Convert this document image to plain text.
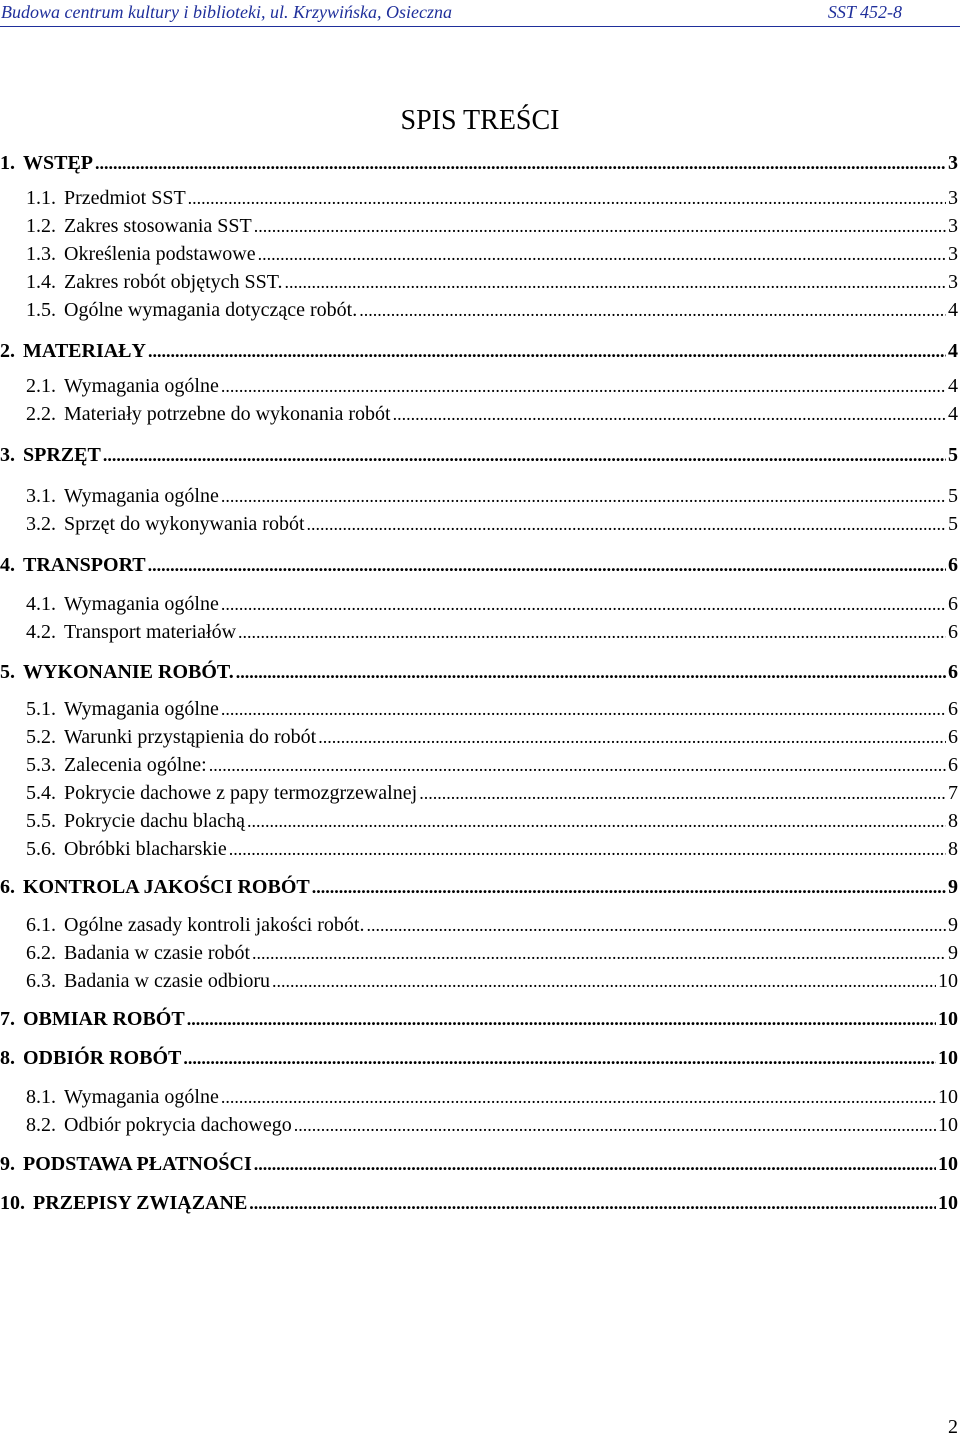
Budowa centrum kultury i biblioteki, ul. Krzywińska, Osieczna	SST 452-8
SPIS TREŚCI
1. WSTĘP .....	3
1.1. Przedmiot SST .....	3
1.2. Zakres stosowania SST .....	3
1.3. Określenia podstawowe .....	3
1.4. Zakres robót objętych SST. .....	3
1.5. Ogólne wymagania dotyczące robót. .....	4
2. MATERIAŁY .....	4
2.1. Wymagania ogólne .....	4
2.2. Materiały potrzebne do wykonania robót .....	4
3. SPRZĘT .....	5
3.1. Wymagania ogólne .....	5
3.2. Sprzęt do wykonywania robót .....	5
4. TRANSPORT .....	6
4.1. Wymagania ogólne .....	6
4.2. Transport materiałów .....	6
5. WYKONANIE ROBÓT. .....	6
5.1. Wymagania ogólne .....	6
5.2. Warunki przystąpienia do robót .....	6
5.3. Zalecenia ogólne: .....	6
5.4. Pokrycie dachowe z papy termozgrzewalnej .....	7
5.5. Pokrycie dachu blachą .....	8
5.6. Obróbki blacharskie .....	8
6. KONTROLA JAKOŚCI ROBÓT .....	9
6.1. Ogólne zasady kontroli jakości robót. .....	9
6.2. Badania w czasie robót .....	9
6.3. Badania w czasie odbioru .....	10
7. OBMIAR ROBÓT .....	10
8. ODBIÓR ROBÓT .....	10
8.1. Wymagania ogólne .....	10
8.2. Odbiór pokrycia dachowego .....	10
9. PODSTAWA PŁATNOŚCI .....	10
10. PRZEPISY ZWIĄZANE .....	10
2
